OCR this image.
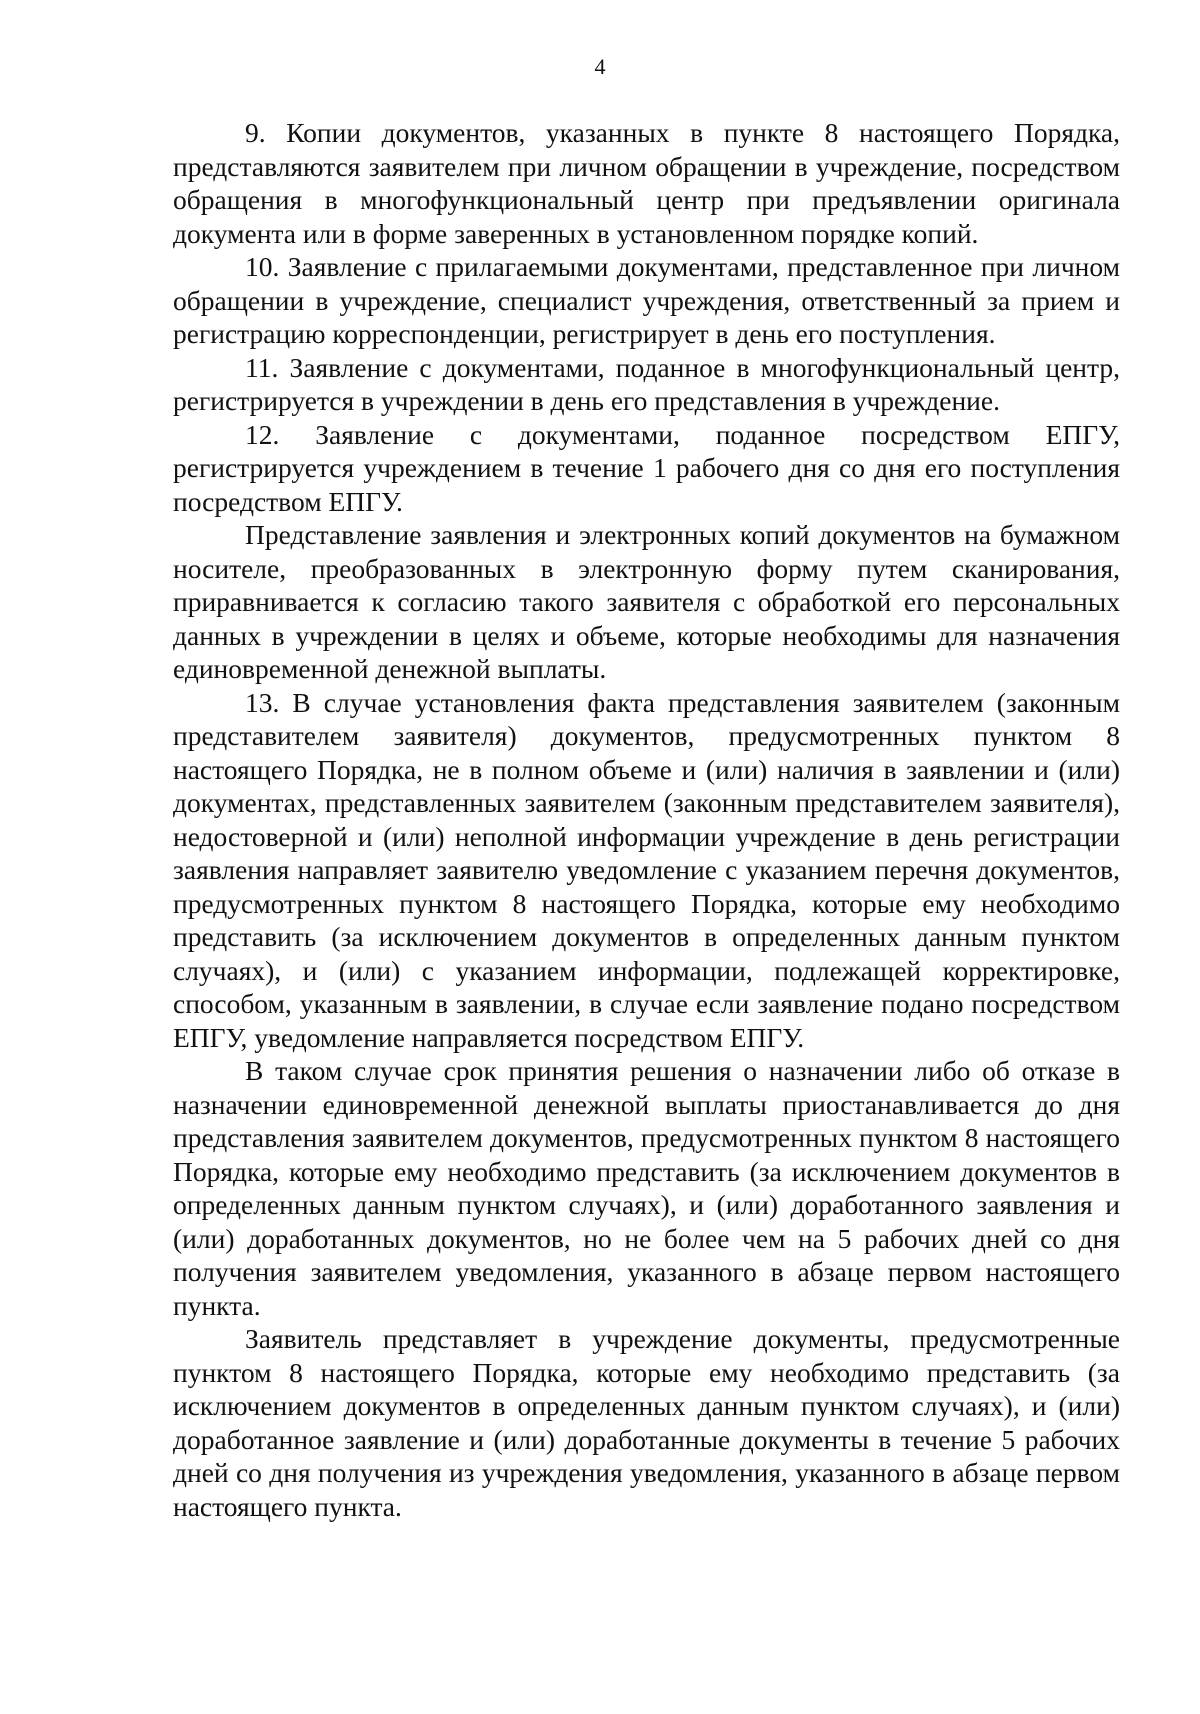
4

9. Копии документов, указанных в пункте 8 настоящего Порядка, представляются заявителем при личном обращении в учреждение, посредством обращения в многофункциональный центр при предъявлении оригинала документа или в форме заверенных в установленном порядке копий.

10. Заявление с прилагаемыми документами, представленное при личном обращении в учреждение, специалист учреждения, ответственный за прием и регистрацию корреспонденции, регистрирует в день его поступления.

11. Заявление с документами, поданное в многофункциональный центр, регистрируется в учреждении в день его представления в учреждение.

12. Заявление с документами, поданное посредством ЕПГУ, регистрируется учреждением в течение 1 рабочего дня со дня его поступления посредством ЕПГУ.

Представление заявления и электронных копий документов на бумажном носителе, преобразованных в электронную форму путем сканирования, приравнивается к согласию такого заявителя с обработкой его персональных данных в учреждении в целях и объеме, которые необходимы для назначения единовременной денежной выплаты.

13. В случае установления факта представления заявителем (законным представителем заявителя) документов, предусмотренных пунктом 8 настоящего Порядка, не в полном объеме и (или) наличия в заявлении и (или) документах, представленных заявителем (законным представителем заявителя), недостоверной и (или) неполной информации учреждение в день регистрации заявления направляет заявителю уведомление с указанием перечня документов, предусмотренных пунктом 8 настоящего Порядка, которые ему необходимо представить (за исключением документов в определенных данным пунктом случаях), и (или) с указанием информации, подлежащей корректировке, способом, указанным в заявлении, в случае если заявление подано посредством ЕПГУ, уведомление направляется посредством ЕПГУ.

В таком случае срок принятия решения о назначении либо об отказе в назначении единовременной денежной выплаты приостанавливается до дня представления заявителем документов, предусмотренных пунктом 8 настоящего Порядка, которые ему необходимо представить (за исключением документов в определенных данным пунктом случаях), и (или) доработанного заявления и (или) доработанных документов, но не более чем на 5 рабочих дней со дня получения заявителем уведомления, указанного в абзаце первом настоящего пункта.

Заявитель представляет в учреждение документы, предусмотренные пунктом 8 настоящего Порядка, которые ему необходимо представить (за исключением документов в определенных данным пунктом случаях), и (или) доработанное заявление и (или) доработанные документы в течение 5 рабочих дней со дня получения из учреждения уведомления, указанного в абзаце первом настоящего пункта.
